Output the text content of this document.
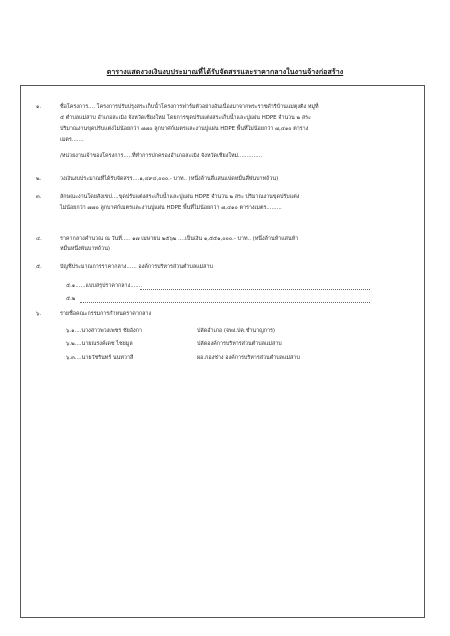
ตารางแสดงวงเงินงบประมาณที่ได้รับจัดสรรและราคากลางในงานจ้างก่อสร้าง
๑.	ชื่อโครงการ.... โครงการปรับปรุงสระเก็บน้ำโครงการฟาร์มตัวอย่างอันเนื่องมาจากพระราชดำริบ้านแม่ตุงติง หมู่ที่
๕ ตำบลแม่สาบ อำเภอสะเมิง จังหวัดเชียงใหม่ โดยการขุดปรับแต่งสระเก็บน้ำและปูแผ่น HDPE จำนวน ๒ สระ
ปริมาณงานขุดปรับแต่งไม่น้อยกว่า ๗๗๐ ลูกบาศก์เมตรและงานปูแผ่น HDPE พื้นที่ไม่น้อยกว่า ๗,๔๑๐ ตาราง
เมตร.......
/หน่วยงานเจ้าของโครงการ.....ที่ทำการปกครองอำเภอสะเมิง จังหวัดเชียงใหม่..............
๒.	วงเงินงบประมาณที่ได้รับจัดสรร....๑,๔๙๔,๐๐๐.- บาท.. (หนึ่งล้านสี่แสนแปดหมื่นสี่พันบาทถ้วน)
๓.	ลักษณะงานโดยสังเขป....ขุดปรับแต่งสระเก็บน้ำและปูแผ่น HDPE จำนวน ๒ สระ ปริมาณงานขุดปรับแต่ง
ไม่น้อยกว่า ๗๗๐ ลูกบาศก์เมตรและงานปูแผ่น HDPE พื้นที่ไม่น้อยกว่า ๗,๔๑๐ ตารางเมตร.........
๔.	ราคากลางคำนวณ ณ วันที่..... ๑๗ เมษายน ๒๕๖๒ ....เป็นเงิน ๑,๕๕๑,๐๐๐.- บาท.. (หนึ่งล้านห้าแสนห้า
หมื่นหนึ่งพันบาทถ้วน)
๕.	บัญชีประมาณการราคากลาง...... องค์การบริหารส่วนตำบลแม่สาบ
๕.๑......แบบสรุปราคากลาง.......
๕.๒
๖.	รายชื่อคณะกรรมการกำหนดราคากลาง
๖.๑....นางสาวพวงเพชร ชัยอังกา	ปลัดอำเภอ (จพง.ปค.ชำนาญการ)
๖.๒....นายณรงค์เดช ไชยมูล	ปลัดองค์การบริหารส่วนตำบลแม่สาบ
๖.๓....นายวัชรินทร์ นนทวาสี	ผอ.กองช่าง องค์การบริหารส่วนตำบลแม่สาบ
